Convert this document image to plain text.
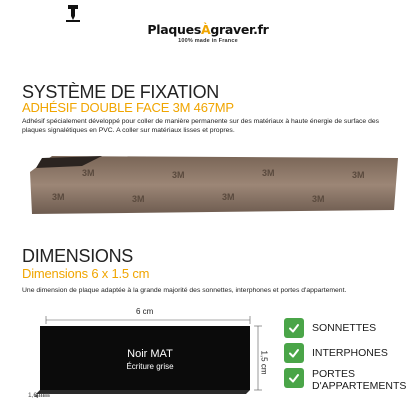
PlaquesÀgraver.fr
100% made in France
SYSTÈME DE FIXATION
ADHÉSIF DOUBLE FACE 3M 467MP
Adhésif spécialement développé pour coller de manière permanente sur des matériaux à haute énergie de surface des plaques signalétiques en PVC. A coller sur matériaux lisses et propres.
3M	3M	3M	3M
3M	3M	3M	3M
DIMENSIONS
Dimensions 6 x 1.5 cm
Une dimension de plaque adaptée à la grande majorité des sonnettes, interphones et portes d'appartement.
6 cm
1,5 cm
Noir MAT
Écriture grise
1,6 mm
SONNETTES
INTERPHONES
PORTES D'APPARTEMENTS
